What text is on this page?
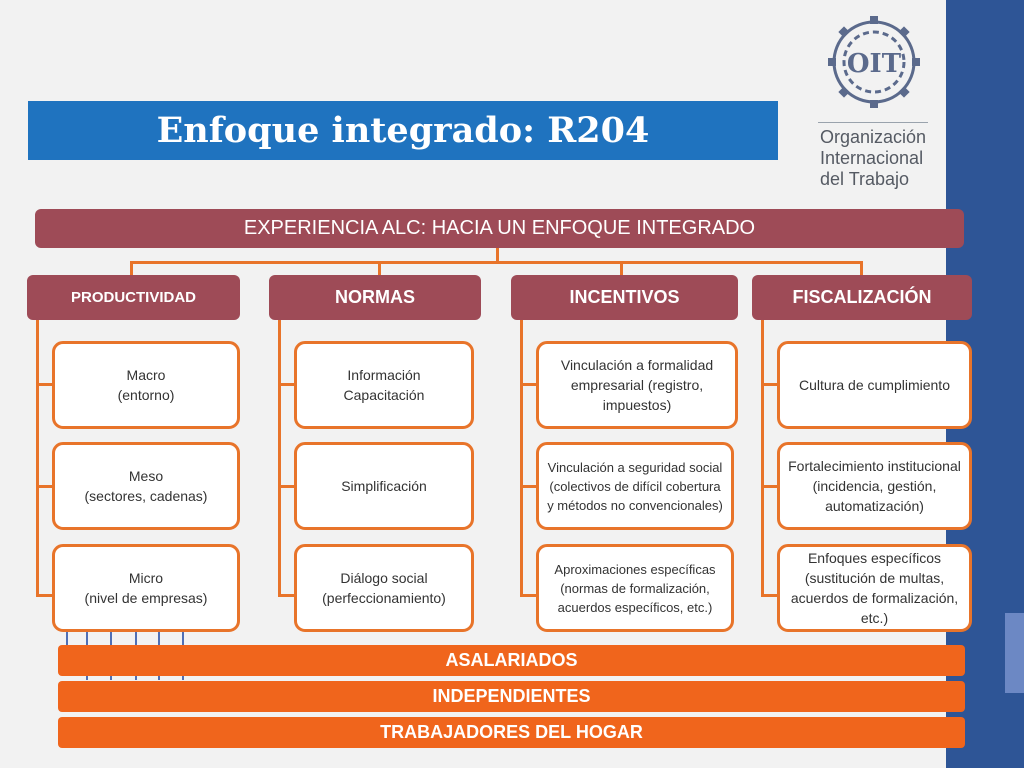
Enfoque integrado: R204
OIT
Organización
Internacional
del Trabajo
EXPERIENCIA ALC: HACIA UN ENFOQUE INTEGRADO
PRODUCTIVIDAD	NORMAS	INCENTIVOS	FISCALIZACIÓN
Macro
(entorno)
Meso
(sectores, cadenas)
Micro
(nivel de empresas)
Información
Capacitación
Simplificación
Diálogo social
(perfeccionamiento)
Vinculación a formalidad empresarial (registro, impuestos)
Vinculación a seguridad social (colectivos de difícil cobertura y métodos no convencionales)
Aproximaciones específicas (normas de formalización, acuerdos específicos, etc.)
Cultura de cumplimiento
Fortalecimiento institucional (incidencia, gestión, automatización)
Enfoques específicos (sustitución de multas, acuerdos de formalización, etc.)
ASALARIADOS
INDEPENDIENTES
TRABAJADORES DEL HOGAR
